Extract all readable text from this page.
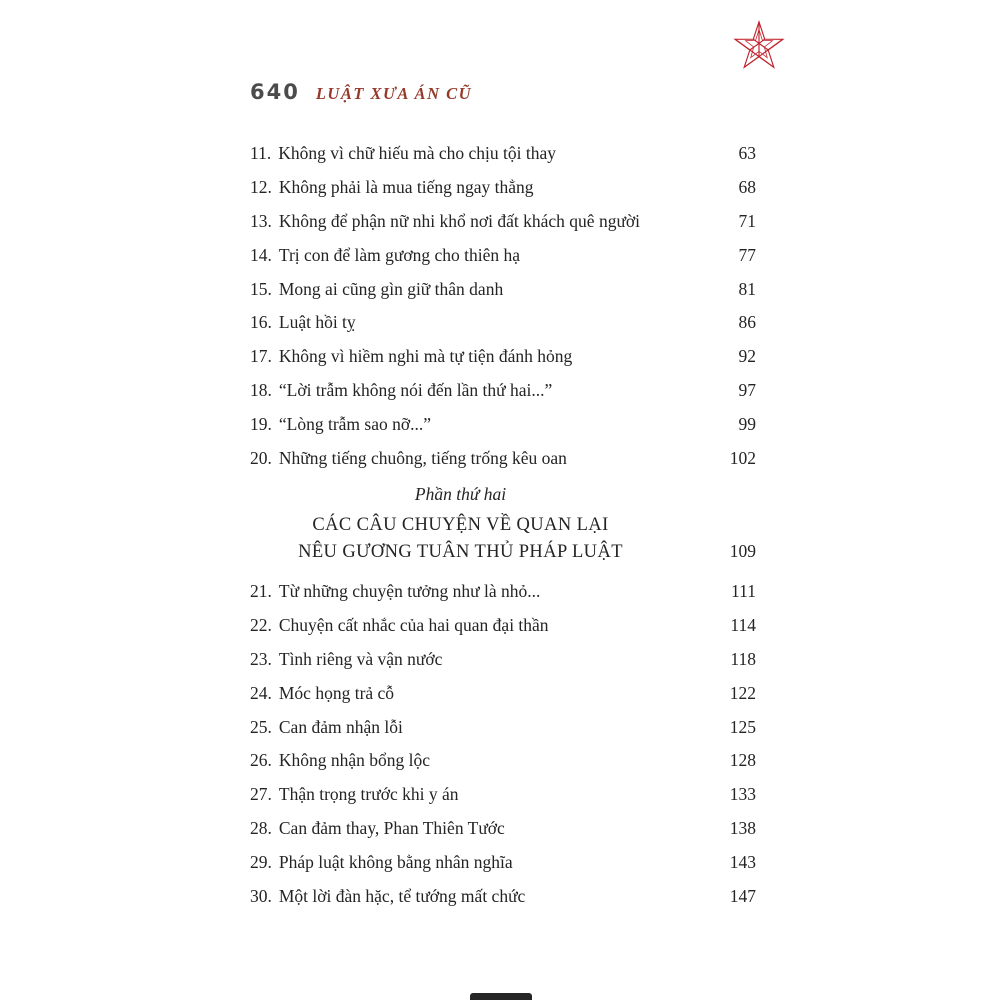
640 LUẬT XƯA ÁN CŨ
11. Không vì chữ hiếu mà cho chịu tội thay	63
12. Không phải là mua tiếng ngay thẳng	68
13. Không để phận nữ nhi khổ nơi đất khách quê người	71
14. Trị con để làm gương cho thiên hạ	77
15. Mong ai cũng gìn giữ thân danh	81
16. Luật hồi tỵ	86
17. Không vì hiềm nghi mà tự tiện đánh hỏng	92
18. “Lời trẫm không nói đến lần thứ hai...”	97
19. “Lòng trẫm sao nỡ...”	99
20. Những tiếng chuông, tiếng trống kêu oan	102
Phần thứ hai
CÁC CÂU CHUYỆN VỀ QUAN LẠI
NÊU GƯƠNG TUÂN THỦ PHÁP LUẬT	109
21. Từ những chuyện tưởng như là nhỏ...	111
22. Chuyện cất nhắc của hai quan đại thần	114
23. Tình riêng và vận nước	118
24. Móc họng trả cỗ	122
25. Can đảm nhận lỗi	125
26. Không nhận bổng lộc	128
27. Thận trọng trước khi y án	133
28. Can đảm thay, Phan Thiên Tước	138
29. Pháp luật không bằng nhân nghĩa	143
30. Một lời đàn hặc, tể tướng mất chức	147
